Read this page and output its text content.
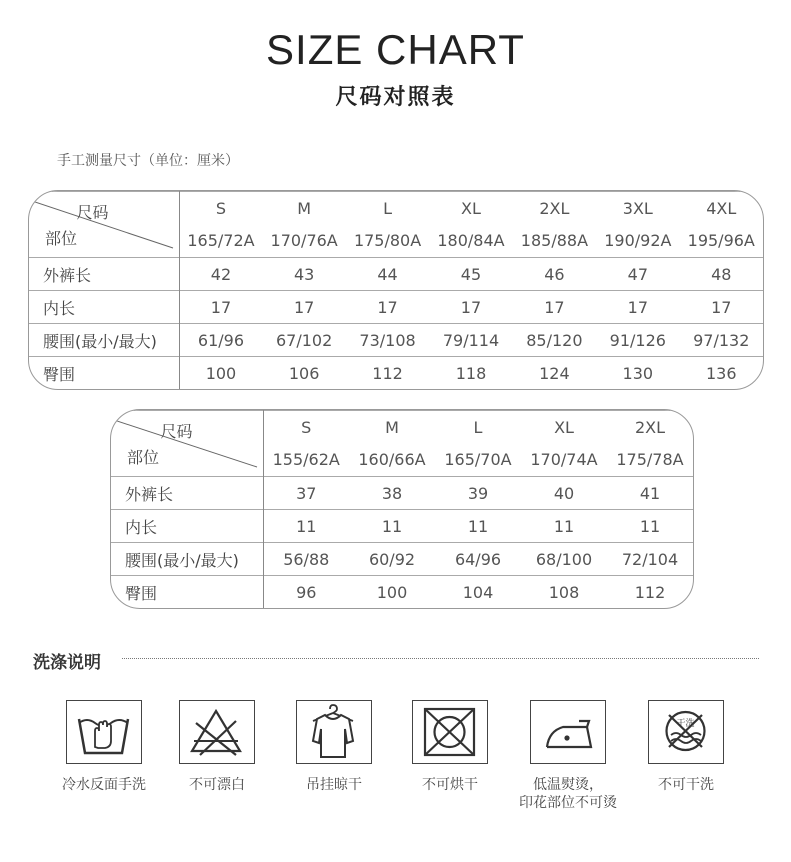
SIZE CHART
尺码对照表
手工测量尺寸（单位：厘米）
尺码
部位	S	M	L	XL	2XL	3XL	4XL
	165/72A	170/76A	175/80A	180/84A	185/88A	190/92A	195/96A
外裤长	42	43	44	45	46	47	48
内长	17	17	17	17	17	17	17
腰围(最小/最大)	61/96	67/102	73/108	79/114	85/120	91/126	97/132
臀围	100	106	112	118	124	130	136
尺码
部位	S	M	L	XL	2XL
	155/62A	160/66A	165/70A	170/74A	175/78A
外裤长	37	38	39	40	41
内长	11	11	11	11	11
腰围(最小/最大)	56/88	60/92	64/96	68/100	72/104
臀围	96	100	104	108	112
洗涤说明
冷水反面手洗	不可漂白	吊挂晾干	不可烘干	低温熨烫，
印花部位不可烫
干洗
不可干洗
